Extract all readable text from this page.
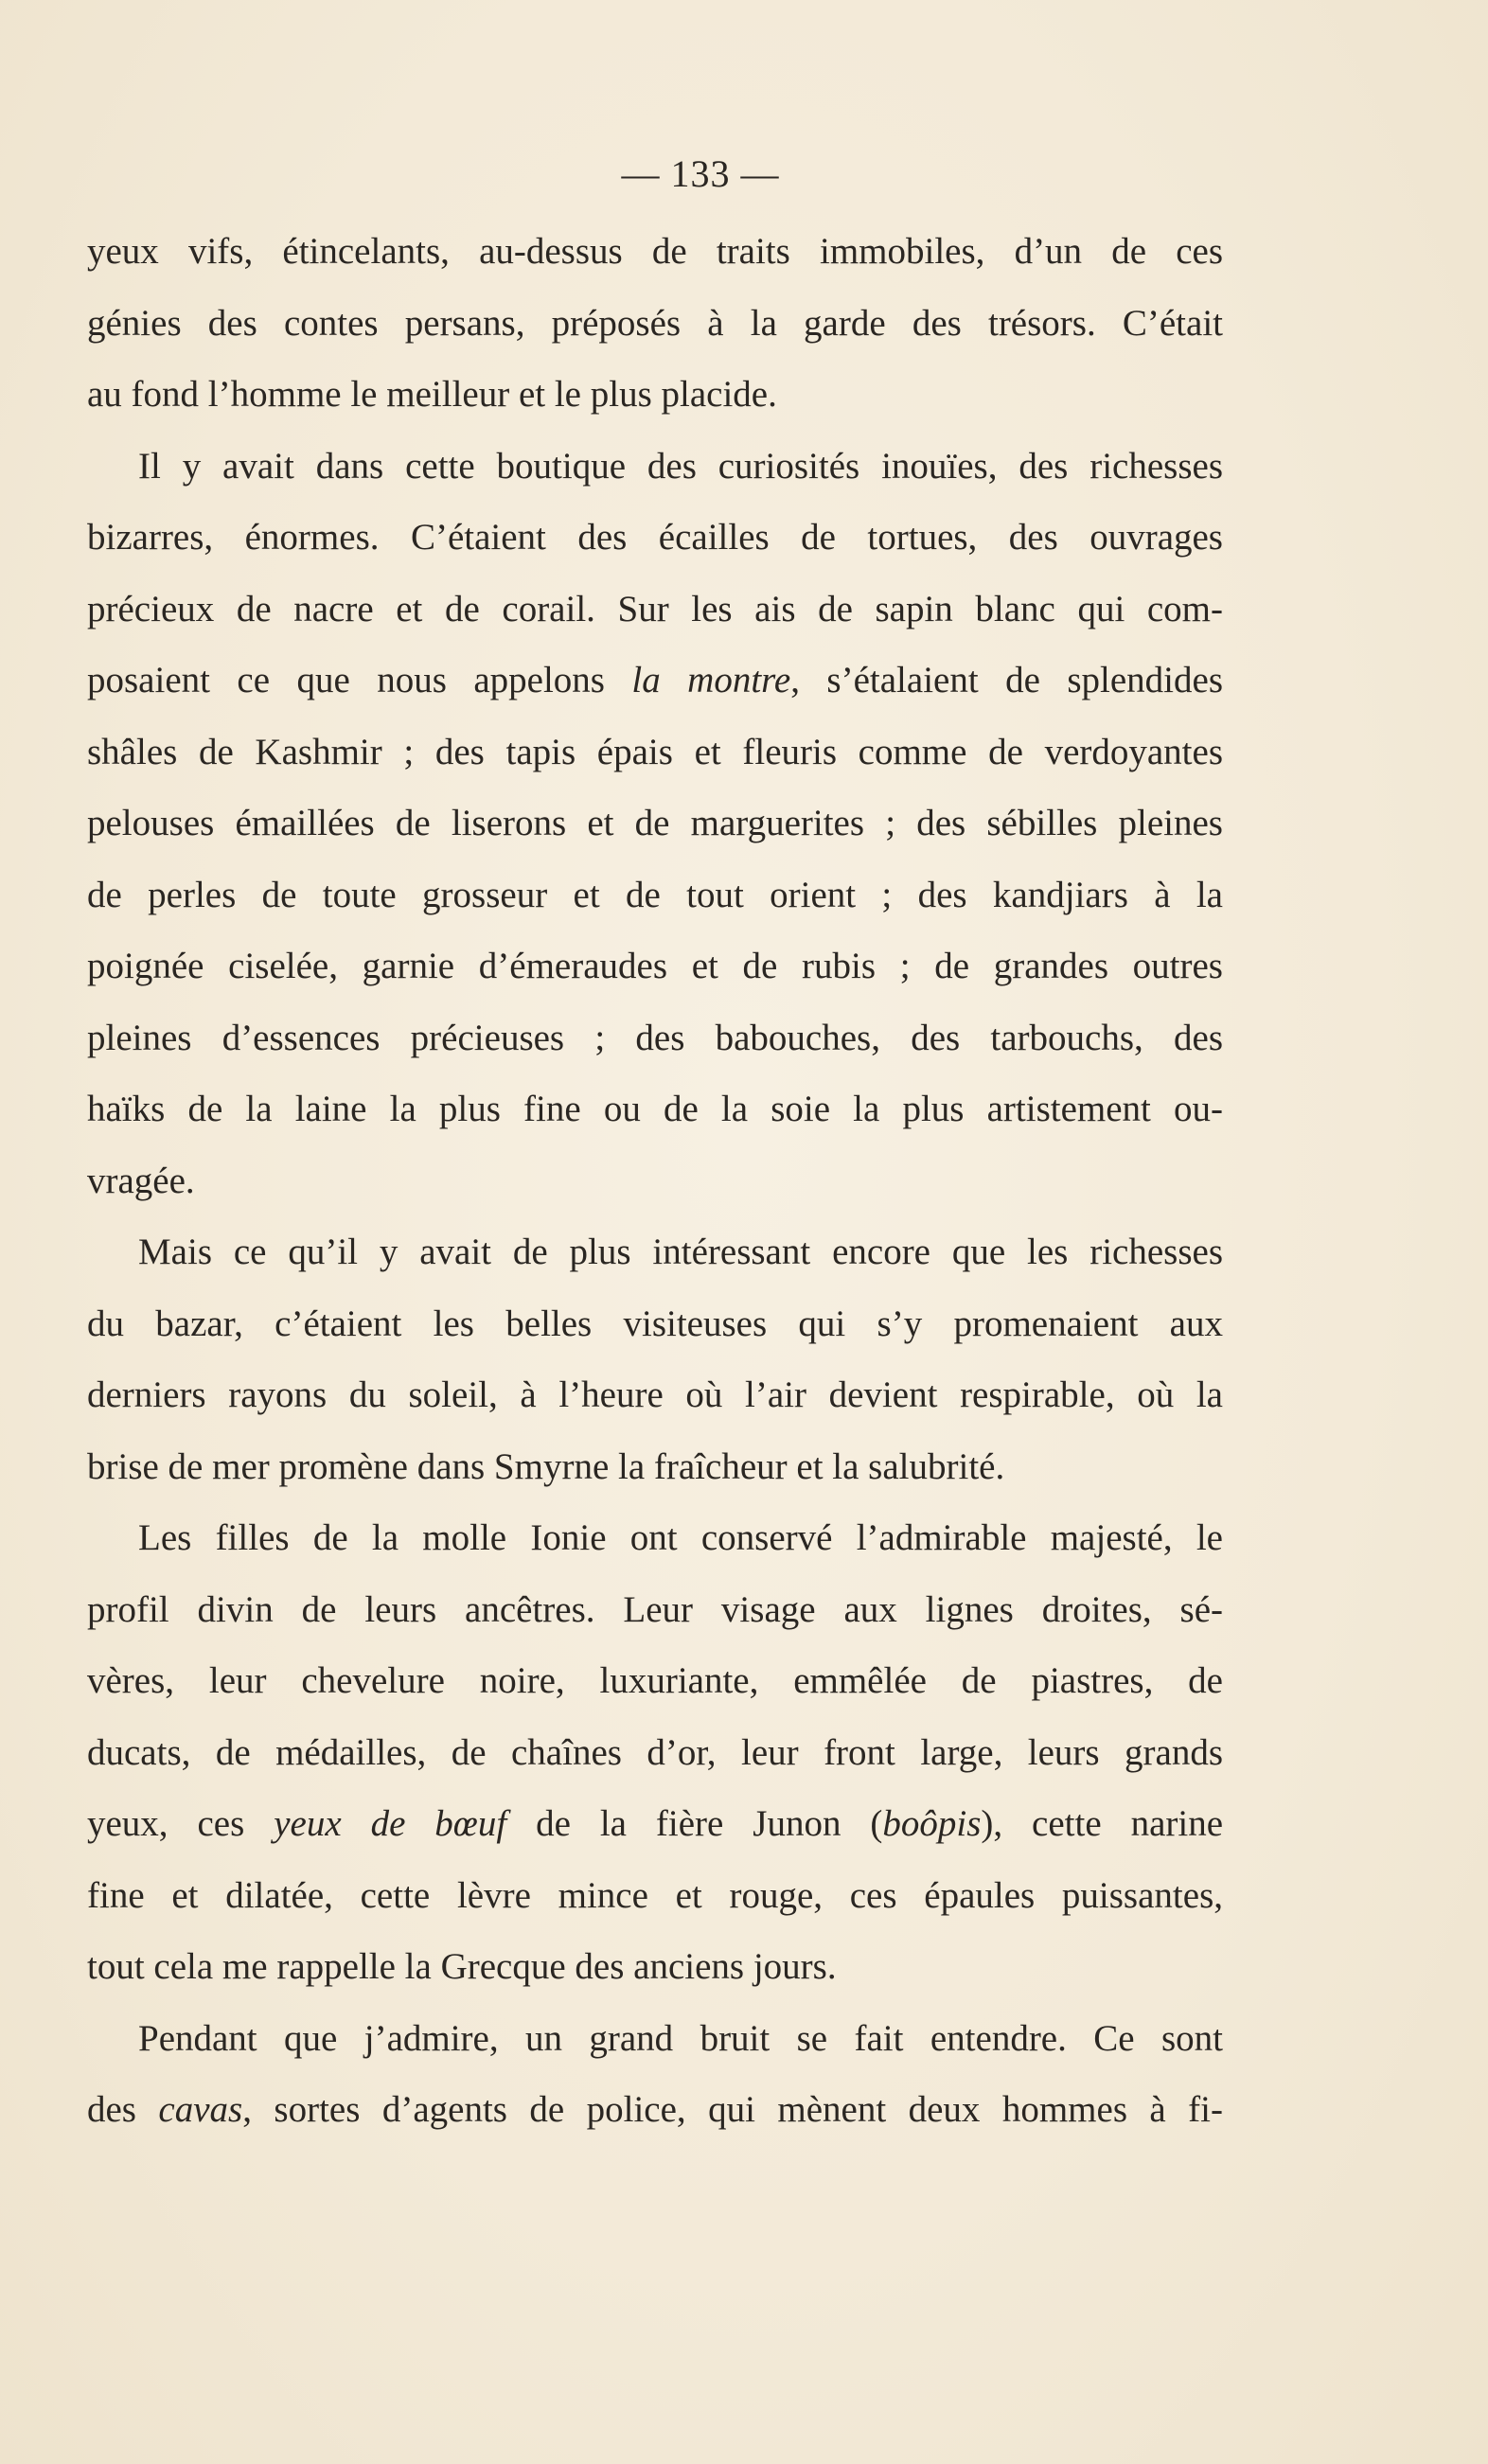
— 133 —
yeux vifs, étincelants, au-dessus de traits immobiles, d’un de ces
génies des contes persans, préposés à la garde des trésors. C’était
au fond l’homme le meilleur et le plus placide.
Il y avait dans cette boutique des curiosités inouïes, des richesses
bizarres, énormes. C’étaient des écailles de tortues, des ouvrages
précieux de nacre et de corail. Sur les ais de sapin blanc qui com-
posaient ce que nous appelons la montre, s’étalaient de splendides
shâles de Kashmir ; des tapis épais et fleuris comme de verdoyantes
pelouses émaillées de liserons et de marguerites ; des sébilles pleines
de perles de toute grosseur et de tout orient ; des kandjiars à la
poignée ciselée, garnie d’émeraudes et de rubis ; de grandes outres
pleines d’essences précieuses ; des babouches, des tarbouchs, des
haïks de la laine la plus fine ou de la soie la plus artistement ou-
vragée.
Mais ce qu’il y avait de plus intéressant encore que les richesses
du bazar, c’étaient les belles visiteuses qui s’y promenaient aux
derniers rayons du soleil, à l’heure où l’air devient respirable, où la
brise de mer promène dans Smyrne la fraîcheur et la salubrité.
Les filles de la molle Ionie ont conservé l’admirable majesté, le
profil divin de leurs ancêtres. Leur visage aux lignes droites, sé-
vères, leur chevelure noire, luxuriante, emmêlée de piastres, de
ducats, de médailles, de chaînes d’or, leur front large, leurs grands
yeux, ces yeux de bœuf de la fière Junon (boôpis), cette narine
fine et dilatée, cette lèvre mince et rouge, ces épaules puissantes,
tout cela me rappelle la Grecque des anciens jours.
Pendant que j’admire, un grand bruit se fait entendre. Ce sont
des cavas, sortes d’agents de police, qui mènent deux hommes à fi-
